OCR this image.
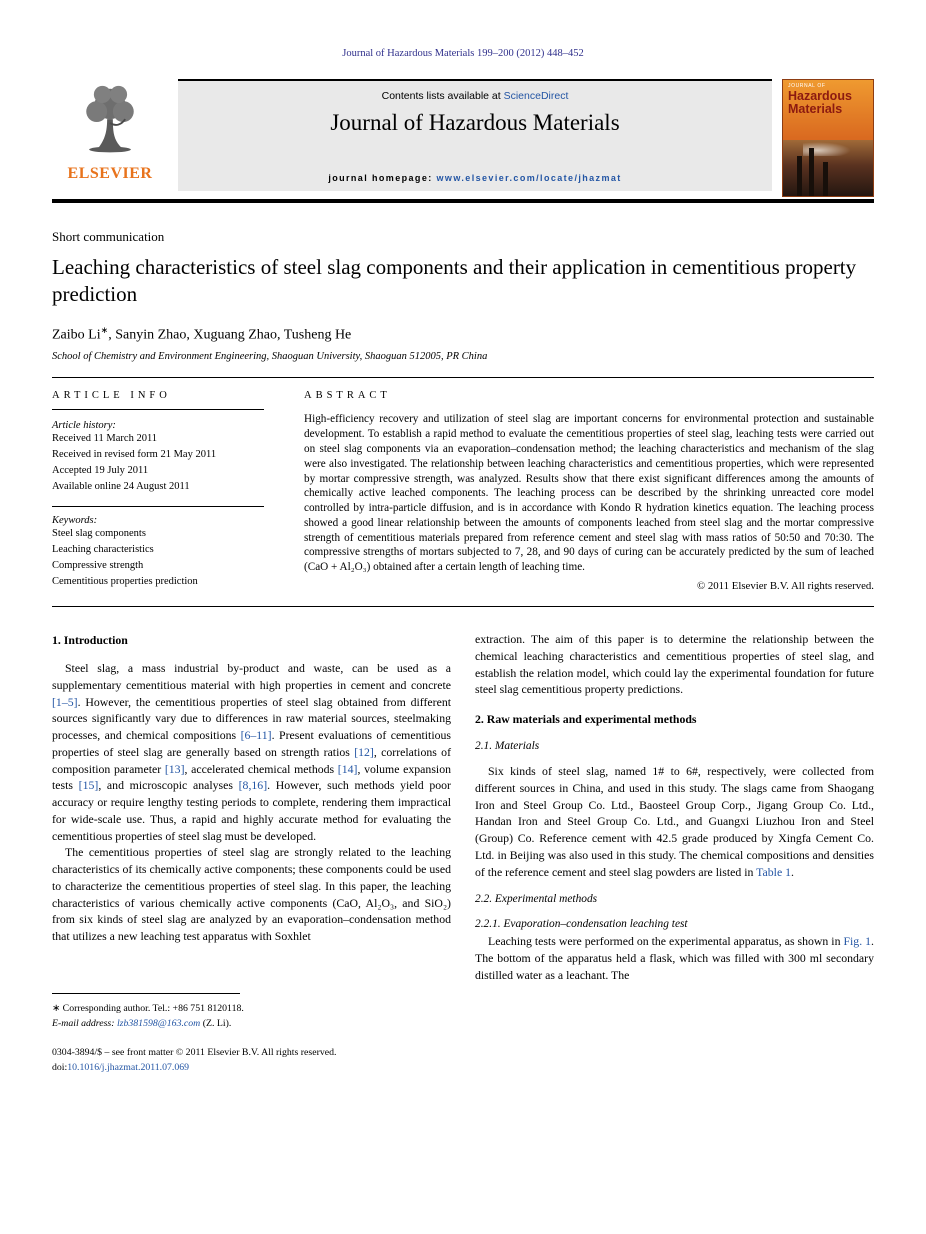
Journal of Hazardous Materials 199–200 (2012) 448–452
ELSEVIER
Contents lists available at ScienceDirect
Journal of Hazardous Materials
journal homepage: www.elsevier.com/locate/jhazmat
JOURNAL OF
Hazardous
Materials
Short communication
Leaching characteristics of steel slag components and their application in cementitious property prediction
Zaibo Li∗, Sanyin Zhao, Xuguang Zhao, Tusheng He
School of Chemistry and Environment Engineering, Shaoguan University, Shaoguan 512005, PR China
ARTICLE INFO
Article history:
Received 11 March 2011
Received in revised form 21 May 2011
Accepted 19 July 2011
Available online 24 August 2011
Keywords:
Steel slag components
Leaching characteristics
Compressive strength
Cementitious properties prediction
ABSTRACT
High-efficiency recovery and utilization of steel slag are important concerns for environmental protection and sustainable development. To establish a rapid method to evaluate the cementitious properties of steel slag, leaching tests were carried out on steel slag components via an evaporation–condensation method; the leaching characteristics and mechanism of the slag were also investigated. The relationship between leaching characteristics and cementitious properties, which were represented by mortar compressive strength, was analyzed. Results show that there exist significant differences among the amounts of chemically active leached components. The leaching process can be described by the shrinking unreacted core model controlled by intra-particle diffusion, and is in accordance with Kondo R hydration kinetics equation. The leaching process showed a good linear relationship between the amounts of components leached from steel slag and the mortar compressive strength of cementitious materials prepared from reference cement and steel slag with mass ratios of 50:50 and 70:30. The compressive strengths of mortars subjected to 7, 28, and 90 days of curing can be accurately predicted by the sum of leached (CaO + Al₂O₃) obtained after a certain length of leaching time.
© 2011 Elsevier B.V. All rights reserved.
1. Introduction

Steel slag, a mass industrial by-product and waste, can be used as a supplementary cementitious material with high properties in cement and concrete [1–5]. However, the cementitious properties of steel slag obtained from different sources significantly vary due to differences in raw material sources, steelmaking processes, and chemical compositions [6–11]. Present evaluations of cementitious properties of steel slag are generally based on strength ratios [12], correlations of composition parameter [13], accelerated chemical methods [14], volume expansion tests [15], and microscopic analyses [8,16]. However, such methods yield poor accuracy or require lengthy testing periods to complete, rendering them impractical for wide-scale use. Thus, a rapid and highly accurate method for evaluating the cementitious properties of steel slag must be developed.

The cementitious properties of steel slag are strongly related to the leaching characteristics of its chemically active components; these components could be used to characterize the cementitious properties of steel slag. In this paper, the leaching characteristics of various chemically active components (CaO, Al₂O₃, and SiO₂) from six kinds of steel slag are analyzed by an evaporation–condensation method that utilizes a new leaching test apparatus with Soxhlet

∗ Corresponding author. Tel.: +86 751 8120118.
E-mail address: lzb381598@163.com (Z. Li).
0304-3894/$ – see front matter © 2011 Elsevier B.V. All rights reserved.
doi:10.1016/j.jhazmat.2011.07.069

extraction. The aim of this paper is to determine the relationship between the chemical leaching characteristics and cementitious properties of steel slag, and establish the relation model, which could lay the experimental foundation for future steel slag cementitious property predictions.

2. Raw materials and experimental methods
2.1. Materials

Six kinds of steel slag, named 1# to 6#, respectively, were collected from different sources in China, and used in this study. The slags came from Shaogang Iron and Steel Group Co. Ltd., Baosteel Group Corp., Jigang Group Co. Ltd., Handan Iron and Steel Group Co. Ltd., and Guangxi Liuzhou Iron and Steel (Group) Co. Reference cement with 42.5 grade produced by Xingfa Cement Co. Ltd. in Beijing was also used in this study. The chemical compositions and densities of the reference cement and steel slag powders are listed in Table 1.

2.2. Experimental methods
2.2.1. Evaporation–condensation leaching test

Leaching tests were performed on the experimental apparatus, as shown in Fig. 1. The bottom of the apparatus held a flask, which was filled with 300 ml secondary distilled water as a leachant. The
